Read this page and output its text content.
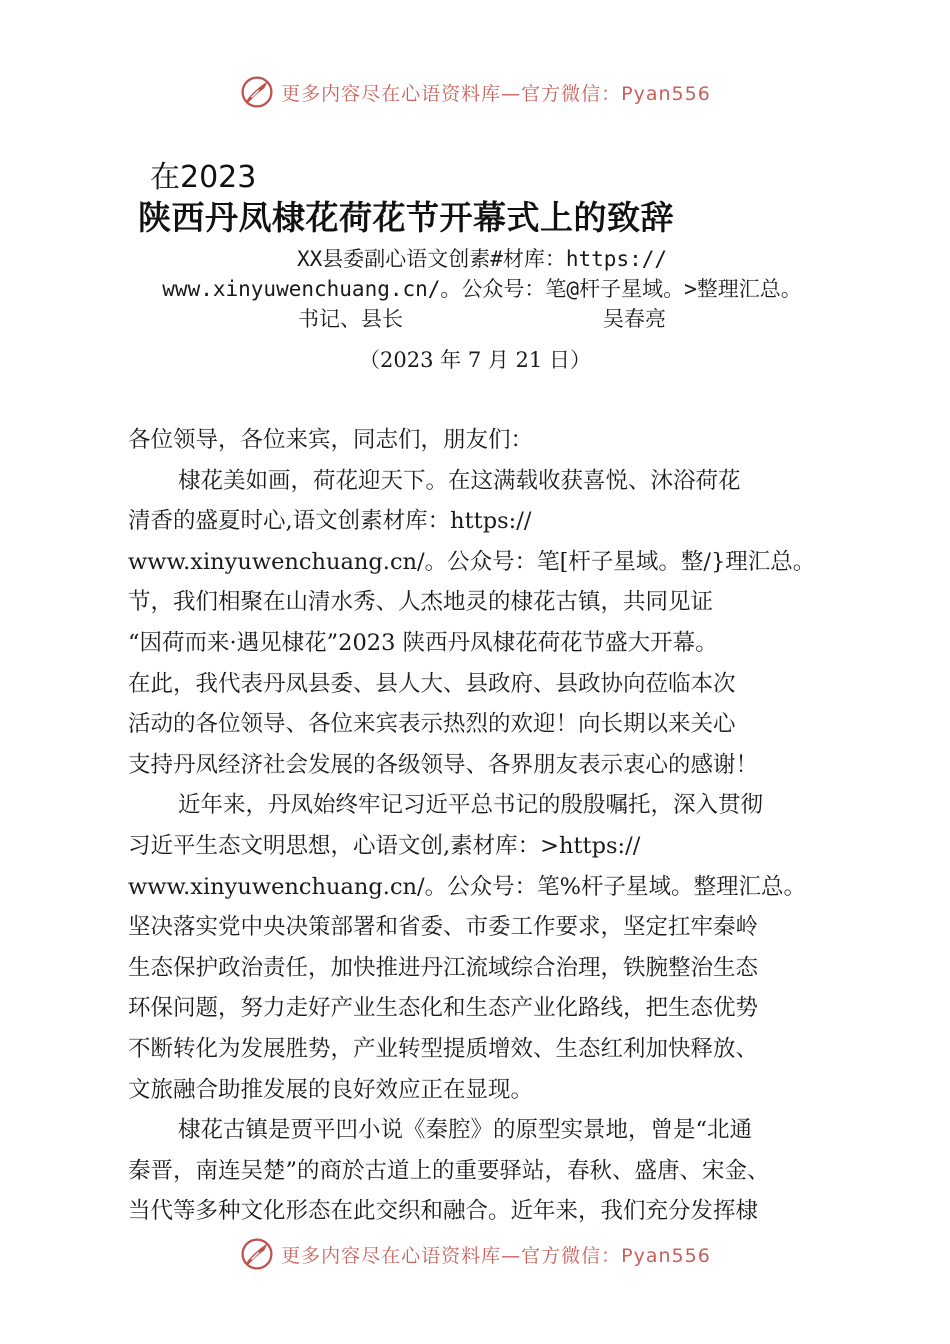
更多内容尽在心语资料库—官方微信：Pyan556
在2023
陕西丹凤棣花荷花节开幕式上的致辞
XX县委副心语文创素#材库：https://
www.xinyuwenchuang.cn/。公众号：笔@杆子星域。>整理汇总。
书记、县长	吴春亮
（2023 年 7 月 21 日）
各位领导，各位来宾，同志们，朋友们：
棣花美如画，荷花迎天下。在这满载收获喜悦、沐浴荷花
清香的盛夏时心,语文创素材库：https://
www.xinyuwenchuang.cn/。公众号：笔[杆子星域。整/}理汇总。
节，我们相聚在山清水秀、人杰地灵的棣花古镇，共同见证
“因荷而来·遇见棣花”2023 陕西丹凤棣花荷花节盛大开幕。
在此，我代表丹凤县委、县人大、县政府、县政协向莅临本次
活动的各位领导、各位来宾表示热烈的欢迎！向长期以来关心
支持丹凤经济社会发展的各级领导、各界朋友表示衷心的感谢！
近年来，丹凤始终牢记习近平总书记的殷殷嘱托，深入贯彻
习近平生态文明思想，心语文创,素材库：>https://
www.xinyuwenchuang.cn/。公众号：笔%杆子星域。整理汇总。
坚决落实党中央决策部署和省委、市委工作要求，坚定扛牢秦岭
生态保护政治责任，加快推进丹江流域综合治理，铁腕整治生态
环保问题，努力走好产业生态化和生态产业化路线，把生态优势
不断转化为发展胜势，产业转型提质增效、生态红利加快释放、
文旅融合助推发展的良好效应正在显现。
棣花古镇是贾平凹小说《秦腔》的原型实景地，曾是“北通
秦晋，南连吴楚”的商於古道上的重要驿站，春秋、盛唐、宋金、
当代等多种文化形态在此交织和融合。近年来，我们充分发挥棣
更多内容尽在心语资料库—官方微信：Pyan556
